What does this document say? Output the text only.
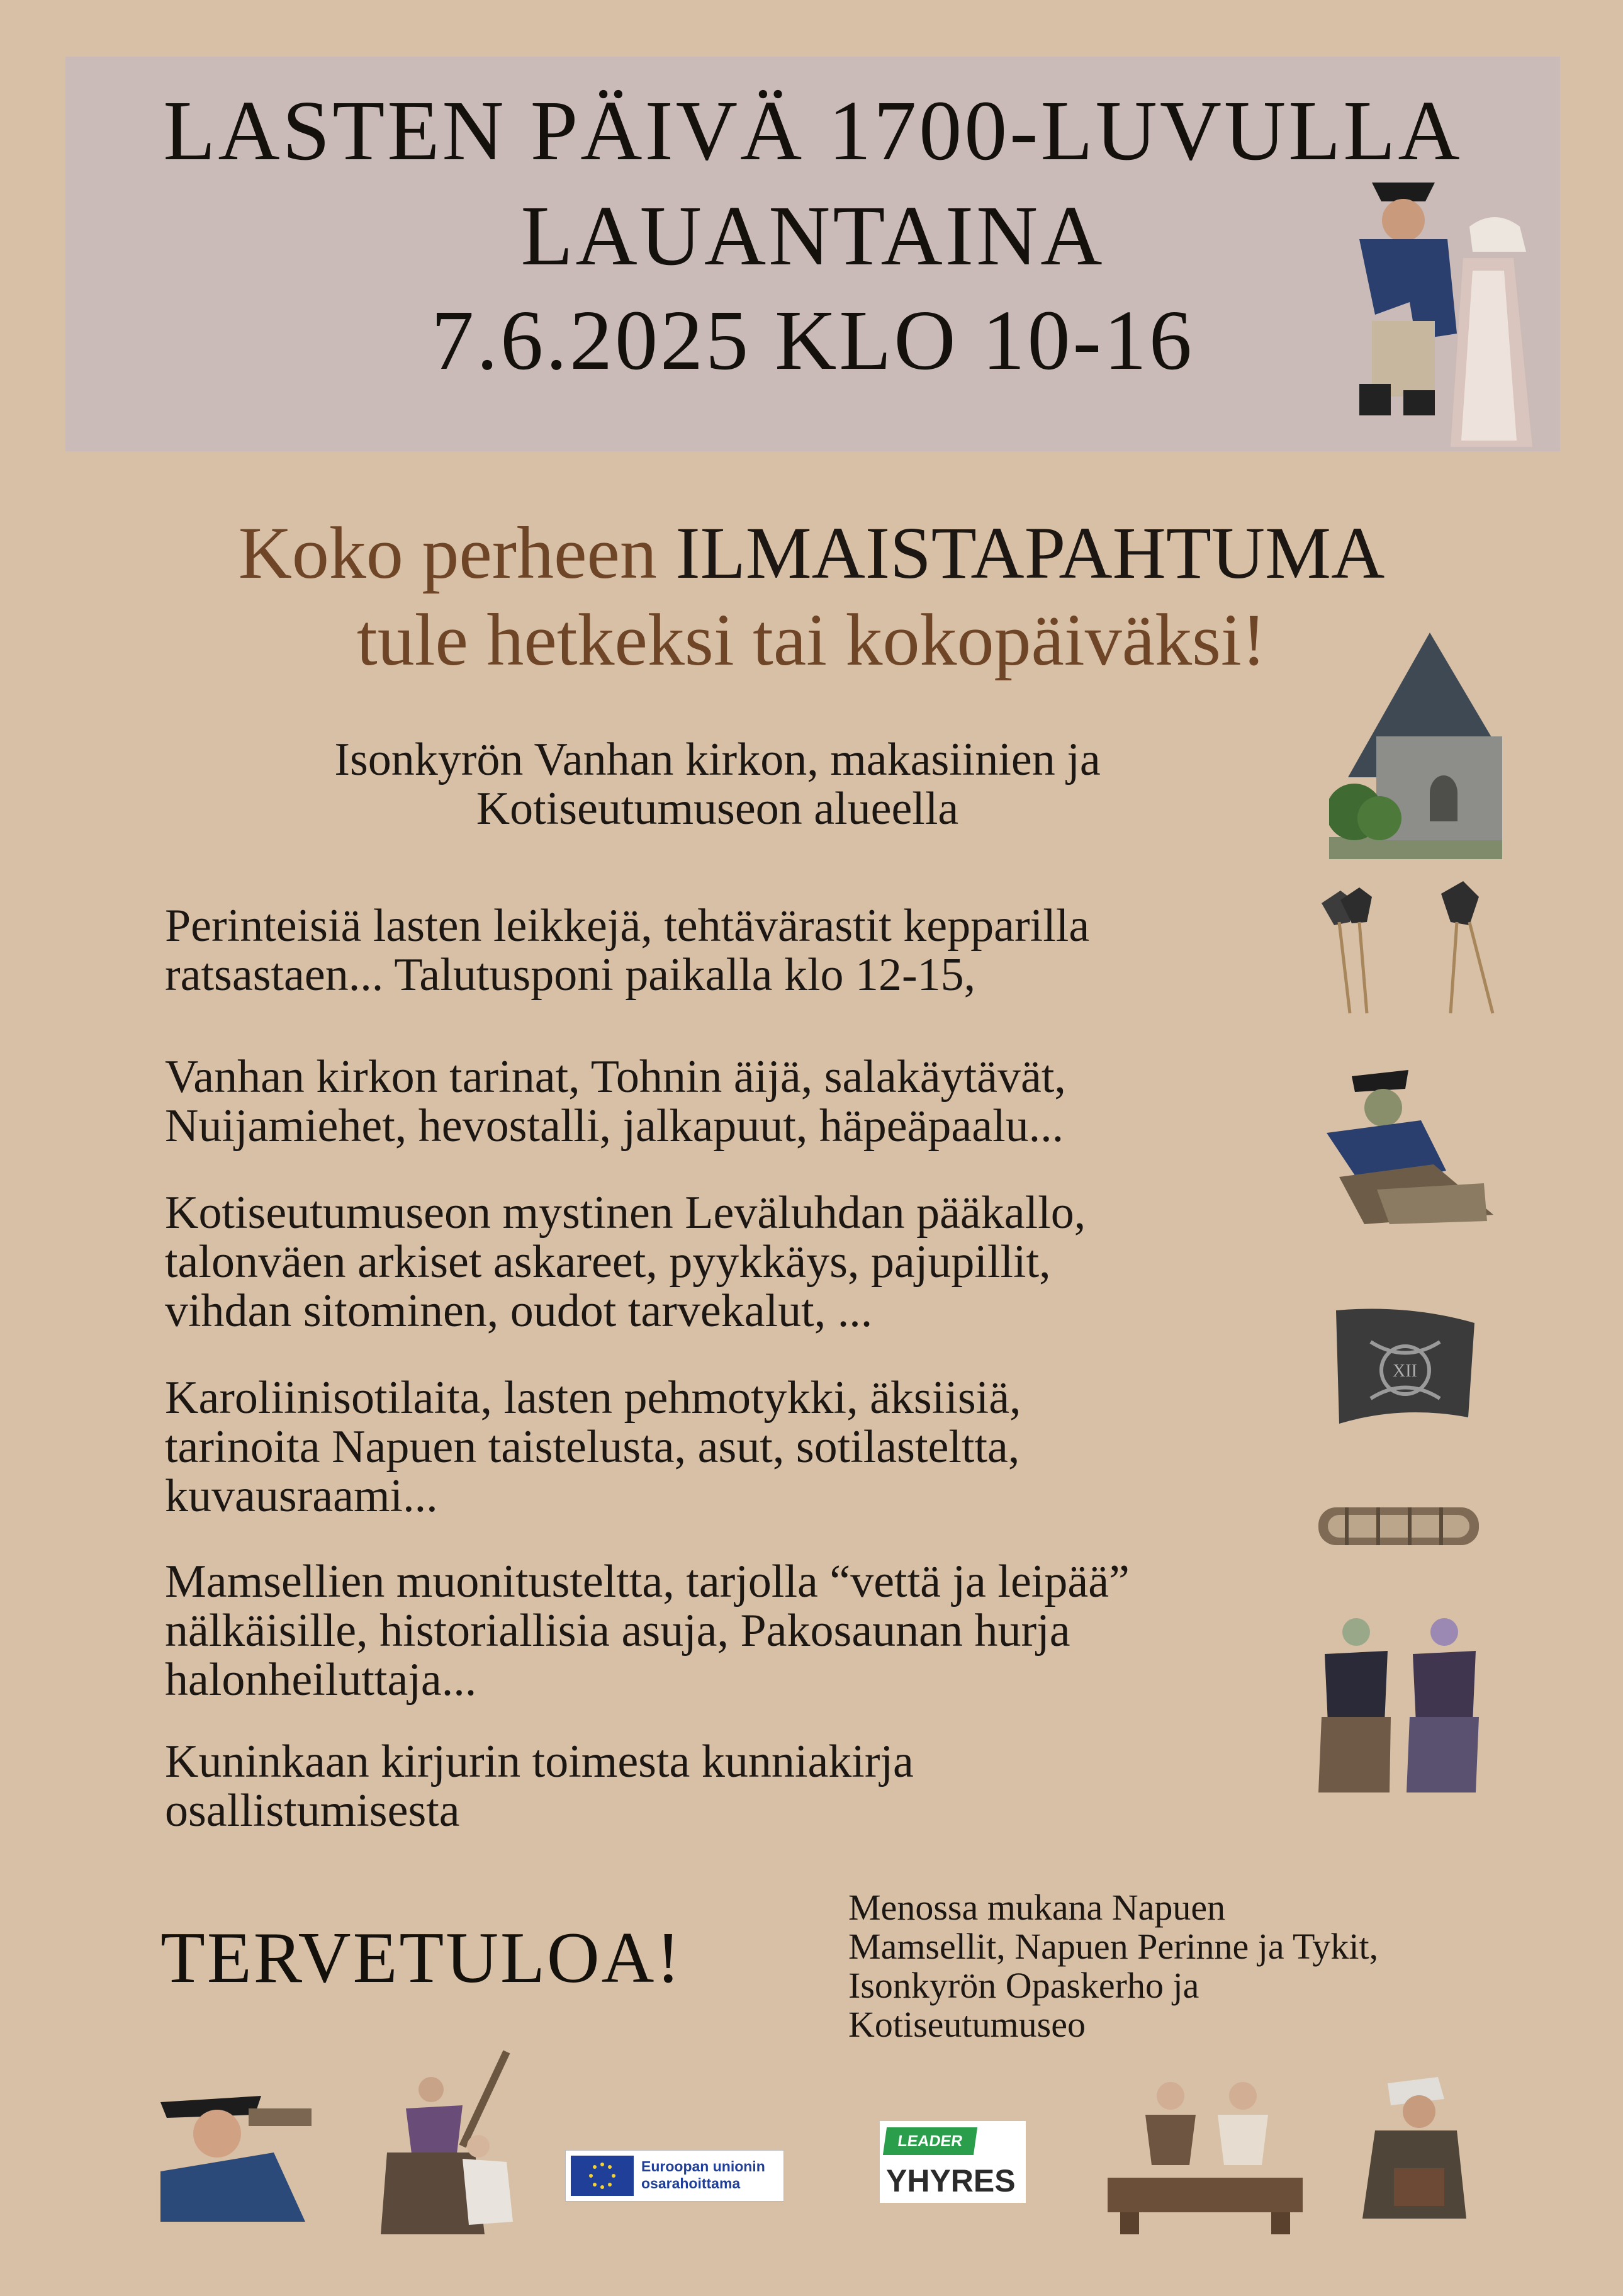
LASTEN PÄIVÄ 1700-LUVULLA
LAUANTAINA
7.6.2025 KLO 10-16
Koko perheen ILMAISTAPAHTUMA
tule hetkeksi tai kokopäiväksi!
Isonkyrön Vanhan kirkon, makasiinien ja
Kotiseutumuseon alueella
Perinteisiä lasten leikkejä, tehtävärastit kepparilla
ratsastaen... Talutusponi paikalla klo 12-15,
Vanhan kirkon tarinat, Tohnin äijä, salakäytävät,
Nuijamiehet, hevostalli, jalkapuut, häpeäpaalu...
Kotiseutumuseon mystinen Leväluhdan pääkallo,
talonväen arkiset askareet, pyykkäys, pajupillit,
vihdan sitominen, oudot tarvekalut, ...
XII
Karoliinisotilaita, lasten pehmotykki, äksiisiä,
tarinoita Napuen taistelusta, asut, sotilasteltta,
kuvausraami...
Mamsellien muonitusteltta, tarjolla “vettä ja leipää”
nälkäisille, historiallisia asuja, Pakosaunan hurja
halonheiluttaja...
Kuninkaan kirjurin toimesta kunniakirja
osallistumisesta
TERVETULOA!
Menossa mukana Napuen
Mamsellit, Napuen Perinne ja Tykit,
Isonkyrön Opaskerho ja
Kotiseutumuseo
Euroopan unionin
osarahoittama
LEADER
YHYRES
